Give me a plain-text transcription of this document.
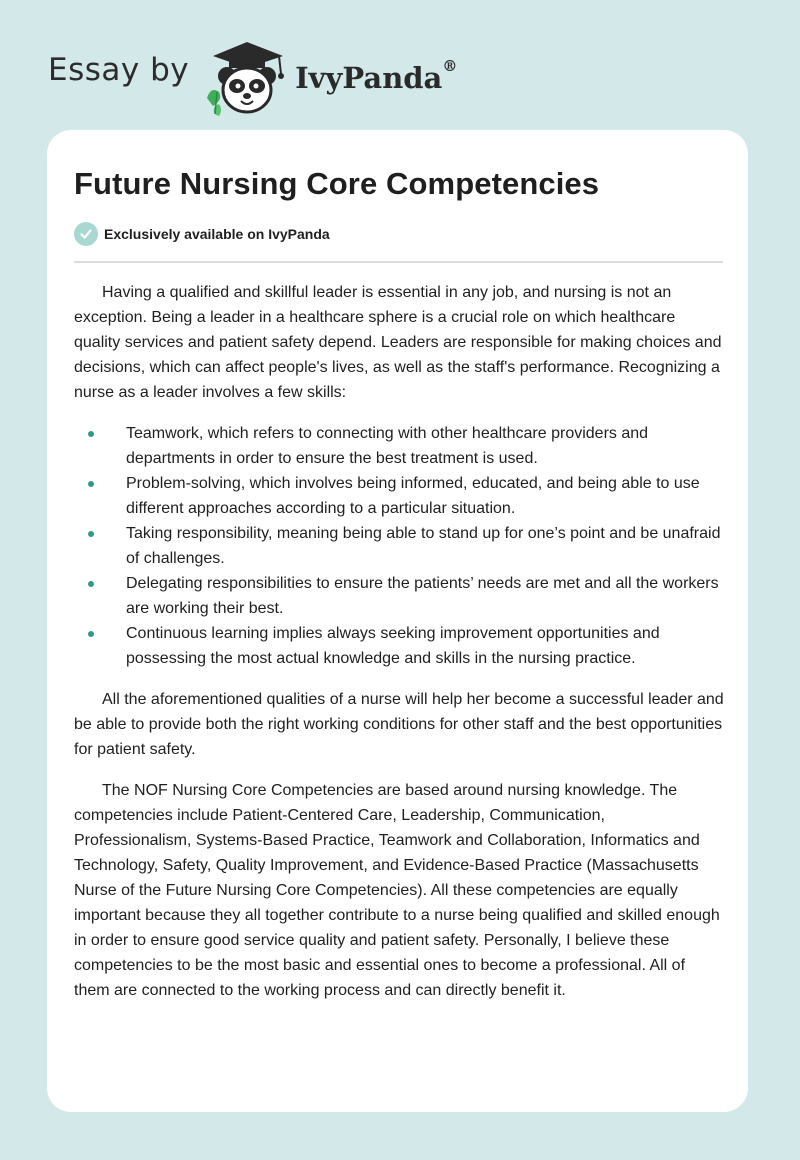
Essay by	IvyPanda®
Future Nursing Core Competencies
Exclusively available on IvyPanda

Having a qualified and skillful leader is essential in any job, and nursing is not an exception. Being a leader in a healthcare sphere is a crucial role on which healthcare quality services and patient safety depend. Leaders are responsible for making choices and decisions, which can affect people's lives, as well as the staff's performance. Recognizing a nurse as a leader involves a few skills:

Teamwork, which refers to connecting with other healthcare providers and departments in order to ensure the best treatment is used.
Problem-solving, which involves being informed, educated, and being able to use different approaches according to a particular situation.
Taking responsibility, meaning being able to stand up for one’s point and be unafraid of challenges.
Delegating responsibilities to ensure the patients’ needs are met and all the workers are working their best.
Continuous learning implies always seeking improvement opportunities and possessing the most actual knowledge and skills in the nursing practice.

All the aforementioned qualities of a nurse will help her become a successful leader and be able to provide both the right working conditions for other staff and the best opportunities for patient safety.

The NOF Nursing Core Competencies are based around nursing knowledge. The competencies include Patient-Centered Care, Leadership, Communication, Professionalism, Systems-Based Practice, Teamwork and Collaboration, Informatics and Technology, Safety, Quality Improvement, and Evidence-Based Practice (Massachusetts Nurse of the Future Nursing Core Competencies). All these competencies are equally important because they all together contribute to a nurse being qualified and skilled enough in order to ensure good service quality and patient safety. Personally, I believe these competencies to be the most basic and essential ones to become a professional. All of them are connected to the working process and can directly benefit it.
